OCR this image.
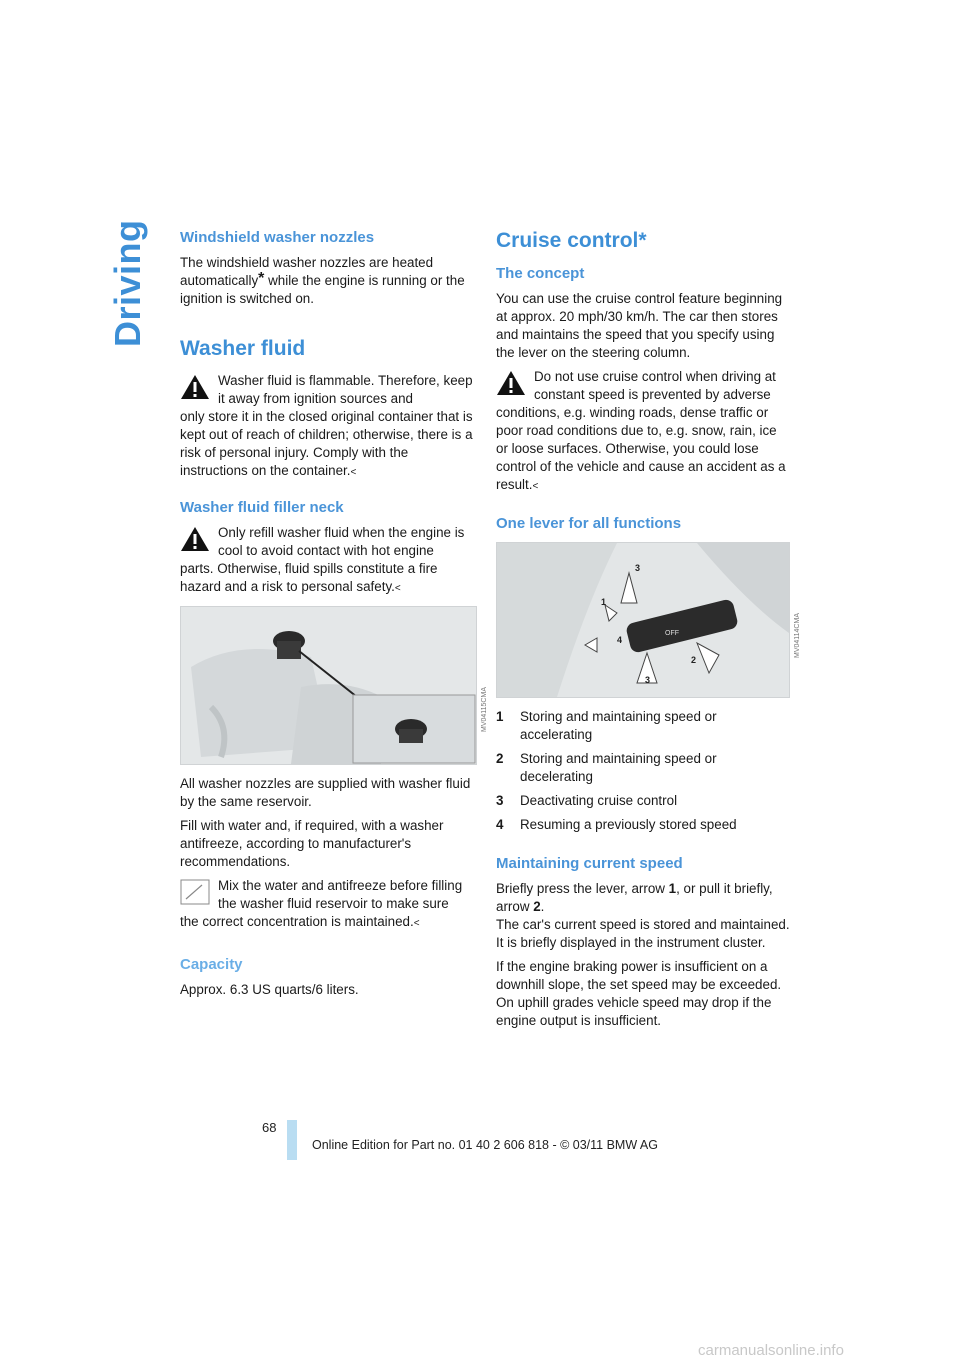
Driving	Windshield washer nozzles

The windshield washer nozzles are heated automatically* while the engine is running or the ignition is switched on.

Washer fluid
Washer fluid is flammable. Therefore, keep it away from ignition sources and
only store it in the closed original container that is kept out of reach of children; otherwise, there is a risk of personal injury. Comply with the instructions on the container.<
Washer fluid filler neck
Only refill washer fluid when the engine is cool to avoid contact with hot engine
parts. Otherwise, fluid spills constitute a fire hazard and a risk to personal safety.<
MV04115CMA

All washer nozzles are supplied with washer fluid by the same reservoir.

Fill with water and, if required, with a washer antifreeze, according to manufacturer's recommendations.

Mix the water and antifreeze before filling the washer fluid reservoir to make sure
the correct concentration is maintained.<
Capacity

Approx. 6.3 US quarts/6 liters.

Cruise control*
The concept

You can use the cruise control feature beginning at approx. 20 mph/30 km/h. The car then stores and maintains the speed that you specify using the lever on the steering column.

Do not use cruise control when driving at constant speed is prevented by adverse
conditions, e.g. winding roads, dense traffic or poor road conditions due to, e.g. snow, rain, ice or loose surfaces. Otherwise, you could lose control of the vehicle and cause an accident as a result.<
One lever for all functions
OFF
3
1
4
2
3
MV04114CMA
1 Storing and maintaining speed or accelerating
2 Storing and maintaining speed or decelerating
3 Deactivating cruise control
4 Resuming a previously stored speed
Maintaining current speed

Briefly press the lever, arrow 1, or pull it briefly, arrow 2.

The car's current speed is stored and maintained. It is briefly displayed in the instrument cluster.

If the engine braking power is insufficient on a downhill slope, the set speed may be exceeded. On uphill grades vehicle speed may drop if the engine output is insufficient.

68
Online Edition for Part no. 01 40 2 606 818 - © 03/11 BMW AG
carmanualsonline.info
